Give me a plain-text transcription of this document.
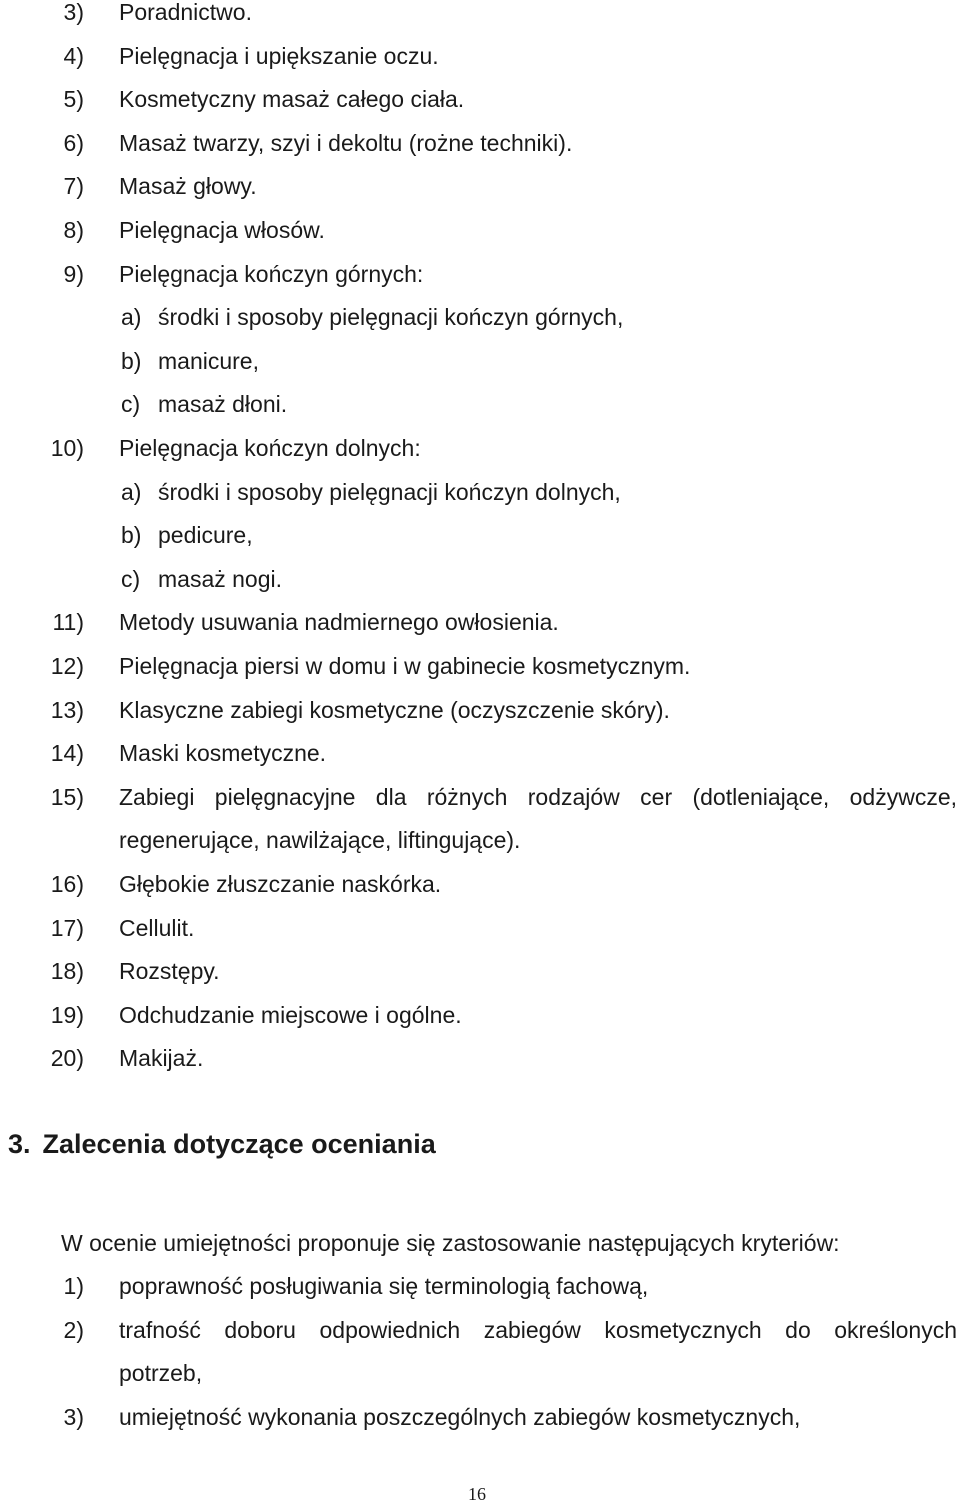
3) Poradnictwo.
4) Pielęgnacja i upiększanie oczu.
5) Kosmetyczny masaż całego ciała.
6) Masaż twarzy, szyi i dekoltu (rożne techniki).
7) Masaż głowy.
8) Pielęgnacja włosów.
9) Pielęgnacja kończyn górnych:
a) środki i sposoby pielęgnacji kończyn górnych,
b) manicure,
c) masaż dłoni.
10) Pielęgnacja kończyn dolnych:
a) środki i sposoby pielęgnacji kończyn dolnych,
b) pedicure,
c) masaż nogi.
11) Metody usuwania nadmiernego owłosienia.
12) Pielęgnacja piersi w domu i w gabinecie kosmetycznym.
13) Klasyczne zabiegi kosmetyczne (oczyszczenie skóry).
14) Maski kosmetyczne.
15) Zabiegi pielęgnacyjne dla różnych rodzajów cer (dotleniające, odżywcze,
regenerujące, nawilżające, liftingujące).
16) Głębokie złuszczanie naskórka.
17) Cellulit.
18) Rozstępy.
19) Odchudzanie miejscowe i ogólne.
20) Makijaż.
3. Zalecenia dotyczące oceniania
W ocenie umiejętności proponuje się zastosowanie następujących kryteriów:
1) poprawność posługiwania się terminologią fachową,
2) trafność doboru odpowiednich zabiegów kosmetycznych do określonych
potrzeb,
3) umiejętność wykonania poszczególnych zabiegów kosmetycznych,
16
